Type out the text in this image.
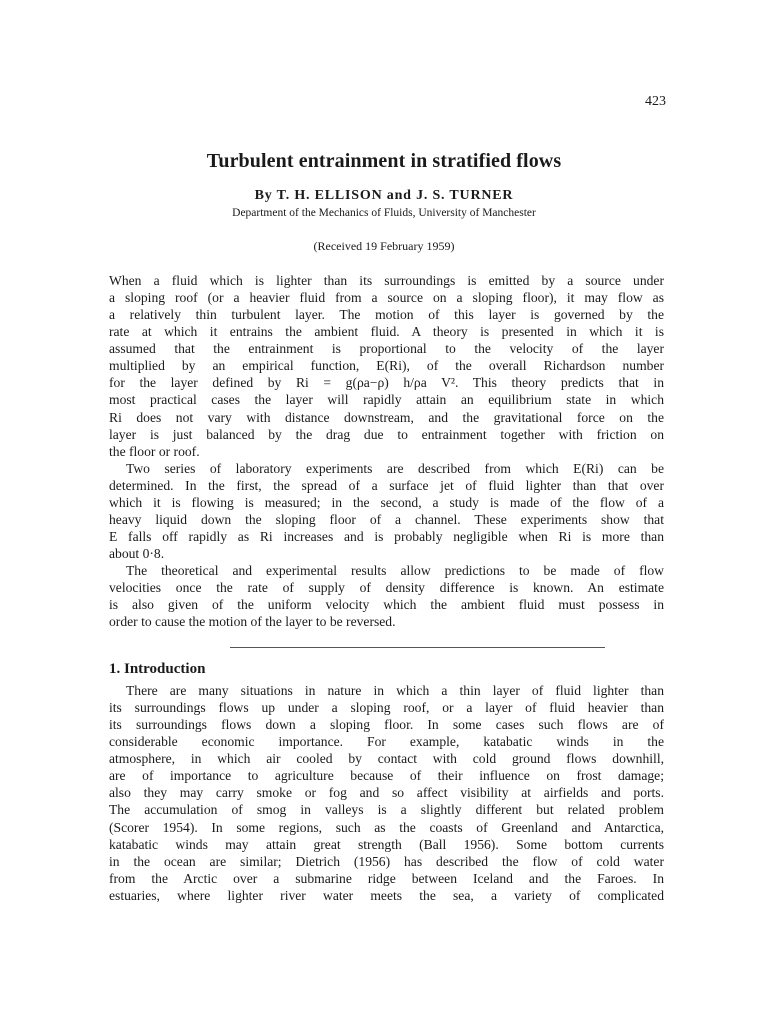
423
Turbulent entrainment in stratified flows
By T. H. ELLISON and J. S. TURNER
Department of the Mechanics of Fluids, University of Manchester
(Received 19 February 1959)
When a fluid which is lighter than its surroundings is emitted by a source under
a sloping roof (or a heavier fluid from a source on a sloping floor), it may flow as
a relatively thin turbulent layer. The motion of this layer is governed by the
rate at which it entrains the ambient fluid. A theory is presented in which it is
assumed that the entrainment is proportional to the velocity of the layer
multiplied by an empirical function, E(Ri), of the overall Richardson number
for the layer defined by Ri = g(ρa−ρ) h/ρa V². This theory predicts that in
most practical cases the layer will rapidly attain an equilibrium state in which
Ri does not vary with distance downstream, and the gravitational force on the
layer is just balanced by the drag due to entrainment together with friction on
the floor or roof.
Two series of laboratory experiments are described from which E(Ri) can be
determined. In the first, the spread of a surface jet of fluid lighter than that over
which it is flowing is measured; in the second, a study is made of the flow of a
heavy liquid down the sloping floor of a channel. These experiments show that
E falls off rapidly as Ri increases and is probably negligible when Ri is more than
about 0·8.
The theoretical and experimental results allow predictions to be made of flow
velocities once the rate of supply of density difference is known. An estimate
is also given of the uniform velocity which the ambient fluid must possess in
order to cause the motion of the layer to be reversed.
1. Introduction
There are many situations in nature in which a thin layer of fluid lighter than
its surroundings flows up under a sloping roof, or a layer of fluid heavier than
its surroundings flows down a sloping floor. In some cases such flows are of
considerable economic importance. For example, katabatic winds in the
atmosphere, in which air cooled by contact with cold ground flows downhill,
are of importance to agriculture because of their influence on frost damage;
also they may carry smoke or fog and so affect visibility at airfields and ports.
The accumulation of smog in valleys is a slightly different but related problem
(Scorer 1954). In some regions, such as the coasts of Greenland and Antarctica,
katabatic winds may attain great strength (Ball 1956). Some bottom currents
in the ocean are similar; Dietrich (1956) has described the flow of cold water
from the Arctic over a submarine ridge between Iceland and the Faroes. In
estuaries, where lighter river water meets the sea, a variety of complicated
